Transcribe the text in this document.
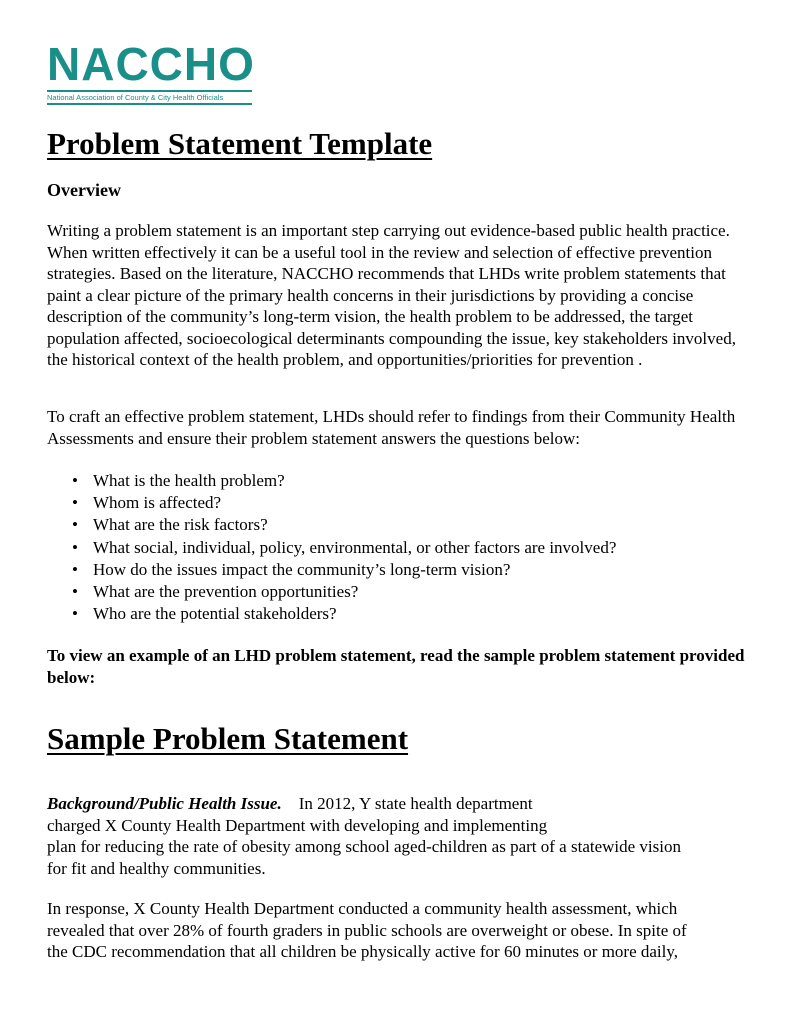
NACCHO
National Association of County & City Health Officials
Problem Statement Template
Overview

Writing a problem statement is an important step carrying out evidence-based public health practice. When written effectively it can be a useful tool in the review and selection of effective prevention strategies. Based on the literature, NACCHO recommends that LHDs write problem statements that paint a clear picture of the primary health concerns in their jurisdictions by providing a concise description of the community’s long-term vision, the health problem to be addressed, the target population affected, socioecological determinants compounding the issue, key stakeholders involved, the historical context of the health problem, and opportunities/priorities for prevention .

To craft an effective problem statement, LHDs should refer to findings from their Community Health Assessments and ensure their problem statement answers the questions below:

• What is the health problem?
• Whom is affected?
• What are the risk factors?
• What social, individual, policy, environmental, or other factors are involved?
• How do the issues impact the community’s long-term vision?
• What are the prevention opportunities?
• Who are the potential stakeholders?

To view an example of an LHD problem statement, read the sample problem statement provided below:

Sample Problem Statement

Background/Public Health Issue. In 2012, Y state health department
charged X County Health Department with developing and implementing
plan for reducing the rate of obesity among school aged-children as part of a statewide vision
for fit and healthy communities.

In response, X County Health Department conducted a community health assessment, which
revealed that over 28% of fourth graders in public schools are overweight or obese. In spite of
the CDC recommendation that all children be physically active for 60 minutes or more daily,
